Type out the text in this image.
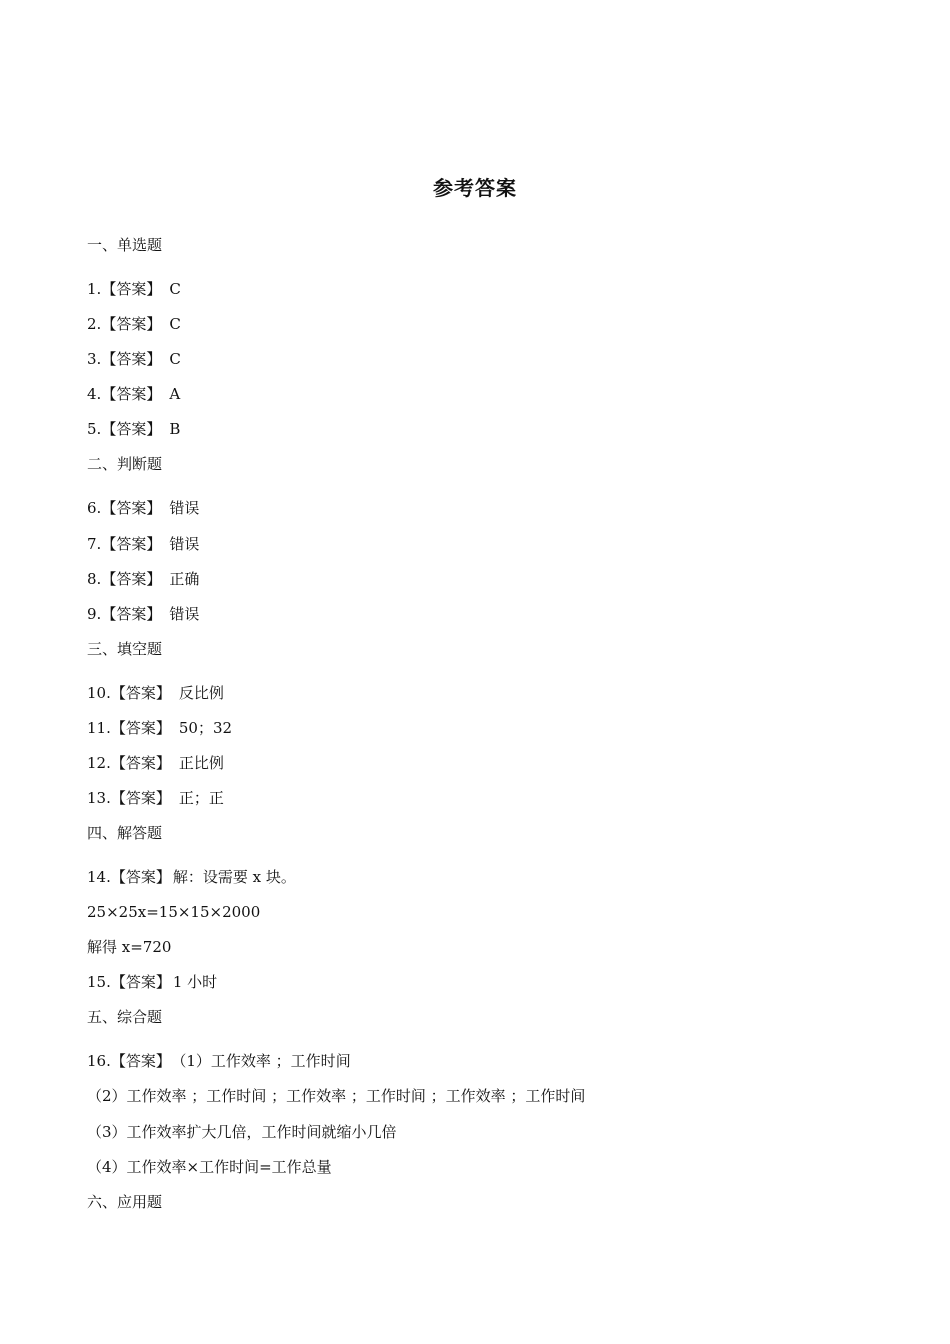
参考答案

一、单选题

1.【答案】 C

2.【答案】 C

3.【答案】 C

4.【答案】 A

5.【答案】 B

二、判断题

6.【答案】 错误

7.【答案】 错误

8.【答案】 正确

9.【答案】 错误

三、填空题

10.【答案】 反比例

11.【答案】 50；32

12.【答案】 正比例

13.【答案】 正；正

四、解答题

14.【答案】 解：设需要 x 块。

25×25x=15×15×2000

解得 x=720

15.【答案】 1 小时

五、综合题

16.【答案】 （1）工作效率 ；工作时间

（2）工作效率 ；工作时间 ；工作效率 ；工作时间 ；工作效率 ；工作时间

（3）工作效率扩大几倍，工作时间就缩小几倍

（4）工作效率×工作时间=工作总量

六、应用题
